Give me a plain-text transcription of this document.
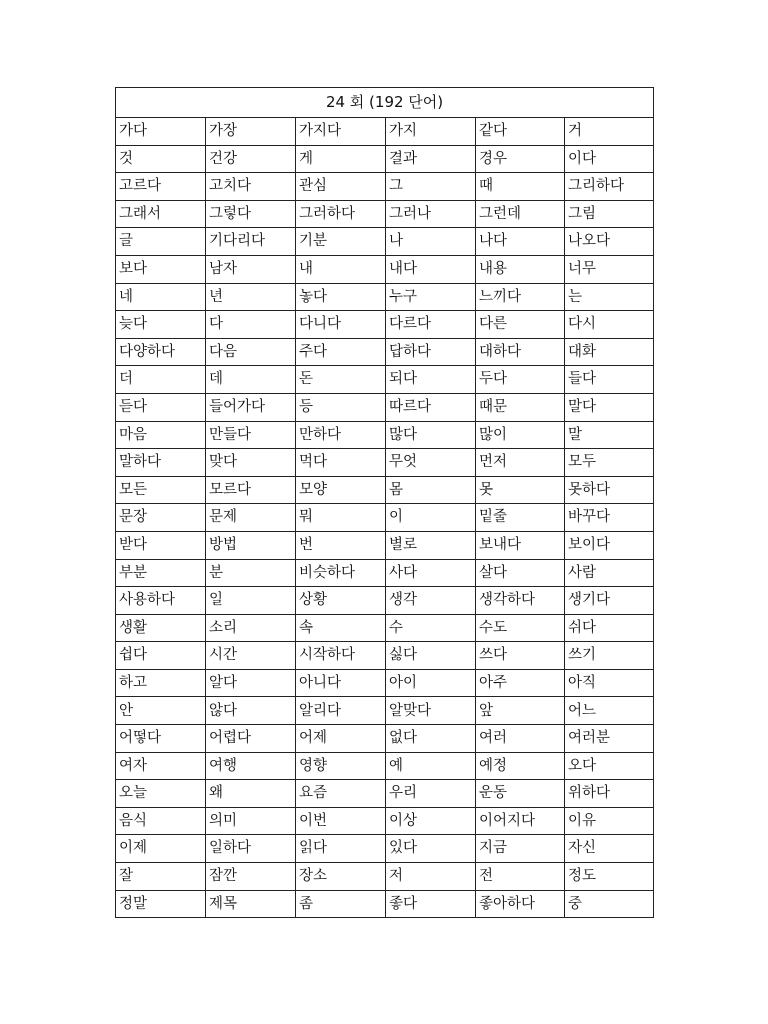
24 회 (192 단어)					
가다	가장	가지다	가지	같다	거
것	건강	게	결과	경우	이다
고르다	고치다	관심	그	때	그리하다
그래서	그렇다	그러하다	그러나	그런데	그림
글	기다리다	기분	나	나다	나오다
보다	남자	내	내다	내용	너무
네	년	놓다	누구	느끼다	는
늦다	다	다니다	다르다	다른	다시
다양하다	다음	주다	답하다	대하다	대화
더	데	돈	되다	두다	들다
듣다	들어가다	등	따르다	때문	말다
마음	만들다	만하다	많다	많이	말
말하다	맞다	먹다	무엇	먼저	모두
모든	모르다	모양	몸	못	못하다
문장	문제	뭐	이	밑줄	바꾸다
받다	방법	번	별로	보내다	보이다
부분	분	비슷하다	사다	살다	사람
사용하다	일	상황	생각	생각하다	생기다
생활	소리	속	수	수도	쉬다
쉽다	시간	시작하다	싫다	쓰다	쓰기
하고	알다	아니다	아이	아주	아직
안	않다	알리다	알맞다	앞	어느
어떻다	어렵다	어제	없다	여러	여러분
여자	여행	영향	예	예정	오다
오늘	왜	요즘	우리	운동	위하다
음식	의미	이번	이상	이어지다	이유
이제	일하다	읽다	있다	지금	자신
잘	잠깐	장소	저	전	정도
정말	제목	좀	좋다	좋아하다	중
